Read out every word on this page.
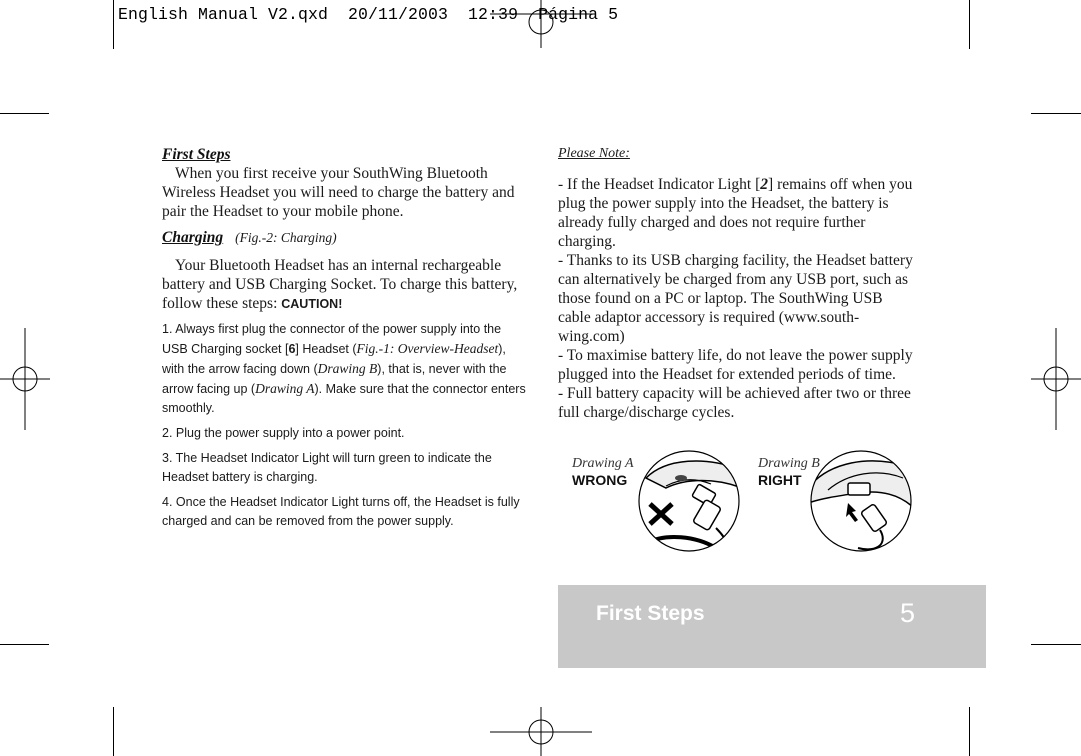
English Manual V2.qxd  20/11/2003  12:39  Página 5
First Steps

When you first receive your SouthWing Bluetooth Wireless Headset you will need to charge the battery and pair the Headset to your mobile phone.

Charging (Fig.-2: Charging)

Your Bluetooth Headset has an internal rechargeable battery and USB Charging Socket. To charge this battery, follow these steps: CAUTION!

1. Always first plug the connector of the power supply into the USB Charging socket [6] Headset (Fig.-1: Overview-Headset), with the arrow facing down (Drawing B), that is, never with the arrow facing up (Drawing A). Make sure that the connector enters smoothly.

2. Plug the power supply into a power point.

3. The Headset Indicator Light will turn green to indicate the Headset battery is charging.

4. Once the Headset Indicator Light turns off, the Headset is fully charged and can be removed from the power supply.

Please Note:

- If the Headset Indicator Light [2] remains off when you plug the power supply into the Headset, the battery is already fully charged and does not require further charging.

- Thanks to its USB charging facility, the Headset battery can alternatively be charged from any USB port, such as those found on a PC or laptop. The SouthWing USB cable adaptor accessory is required (www.south-wing.com)

- To maximise battery life, do not leave the power supply plugged into the Headset for extended periods of time.

- Full battery capacity will be achieved after two or three full charge/discharge cycles.

Drawing A
WRONG
Drawing B
RIGHT
First Steps	5
